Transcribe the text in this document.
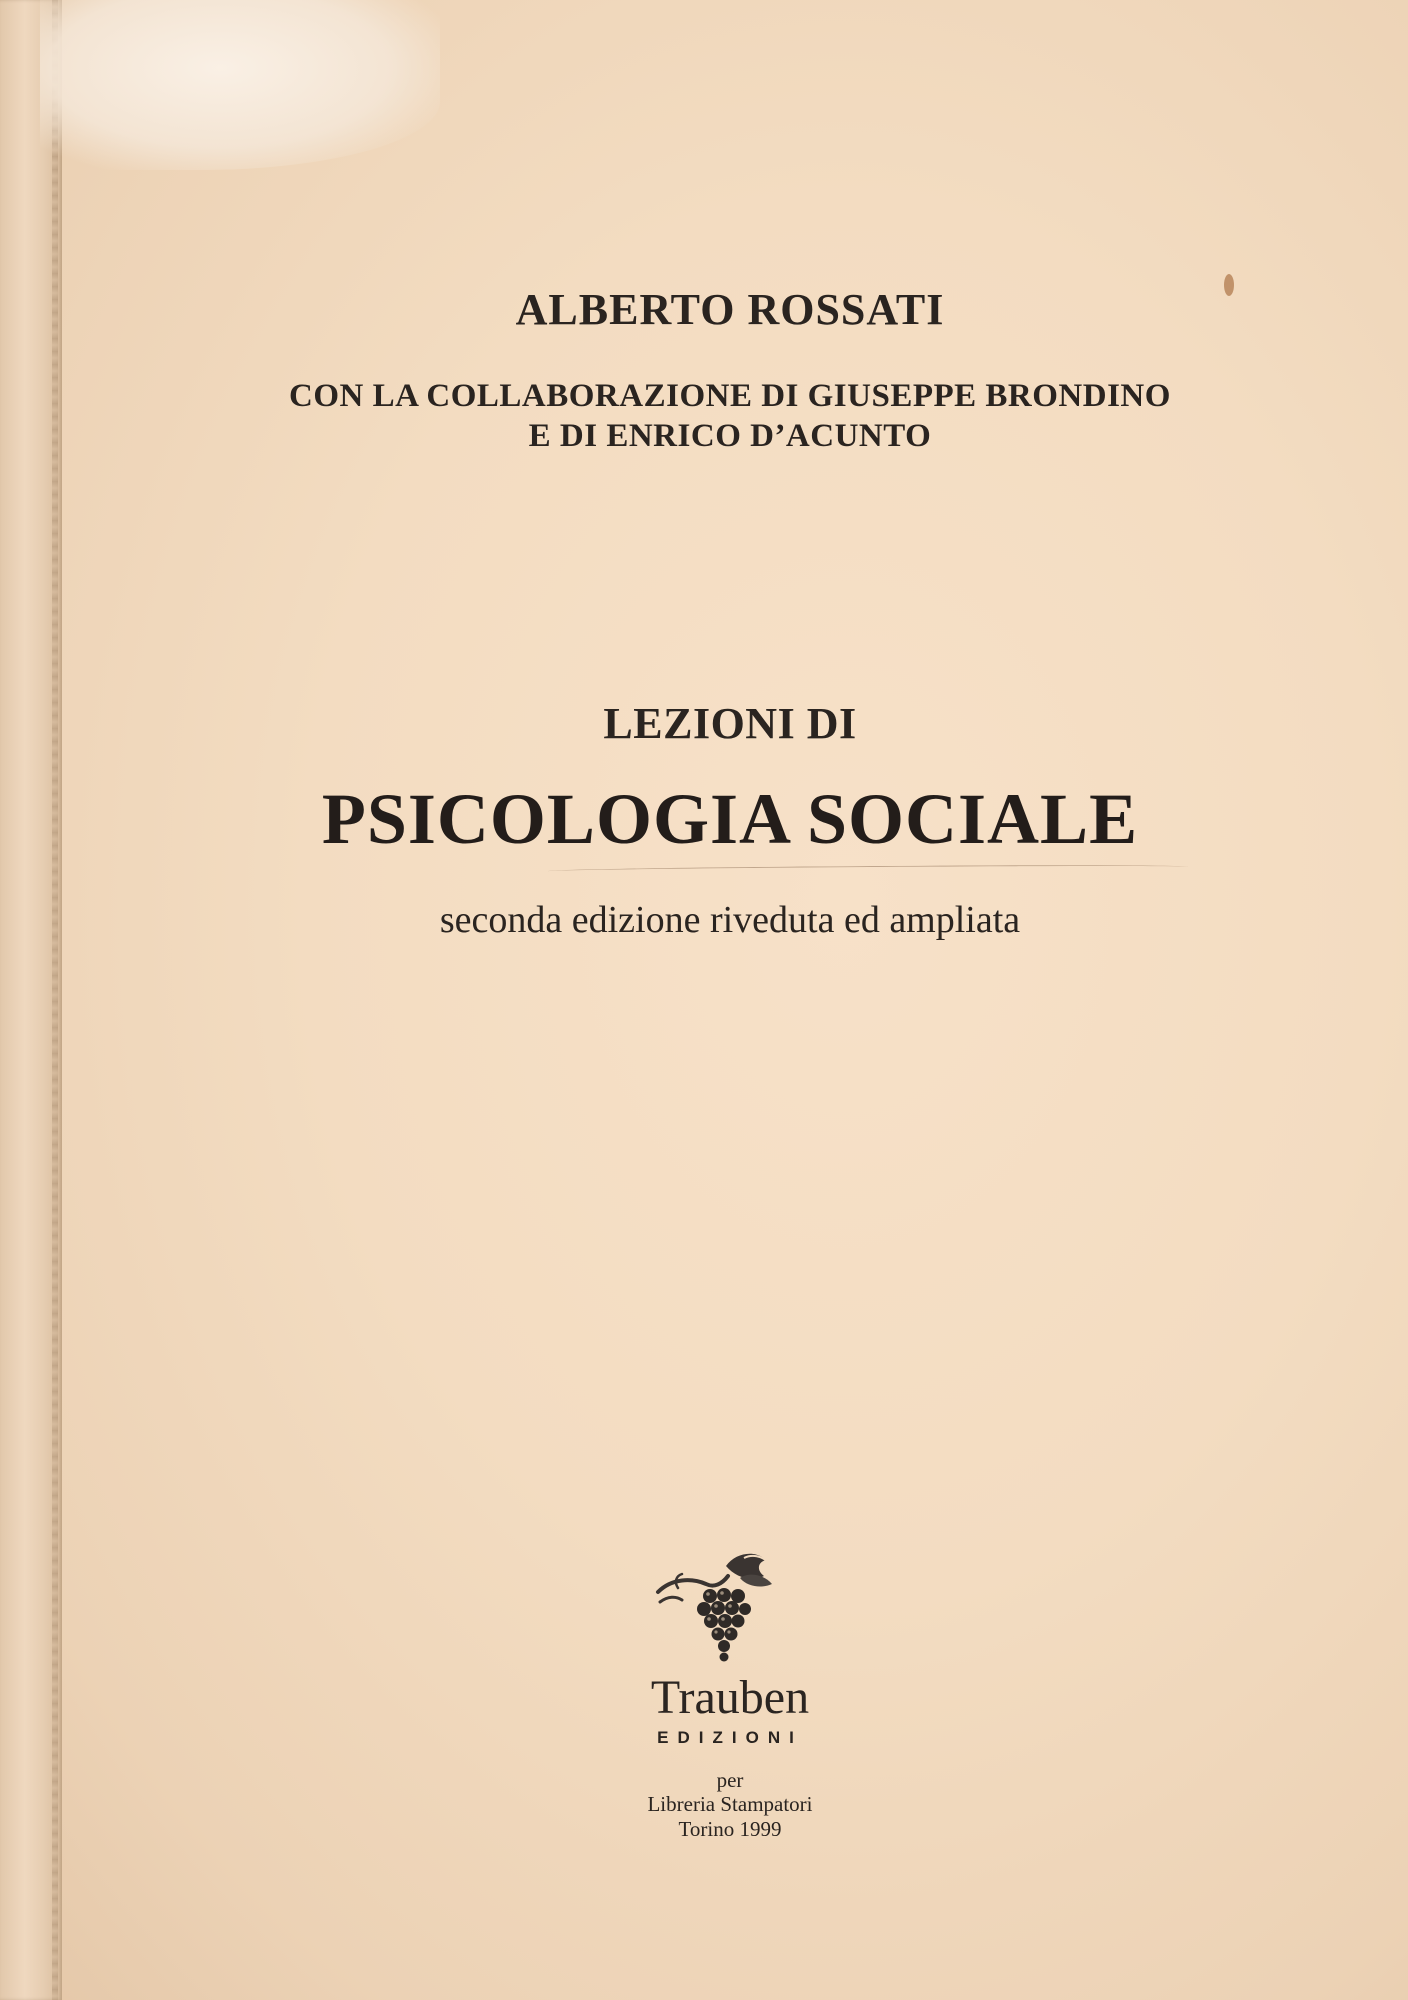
ALBERTO ROSSATI

CON LA COLLABORAZIONE DI GIUSEPPE BRONDINO

E DI ENRICO D’ACUNTO

LEZIONI DI

PSICOLOGIA SOCIALE

seconda edizione riveduta ed ampliata

Trauben

EDIZIONI

per

Libreria Stampatori

Torino 1999
